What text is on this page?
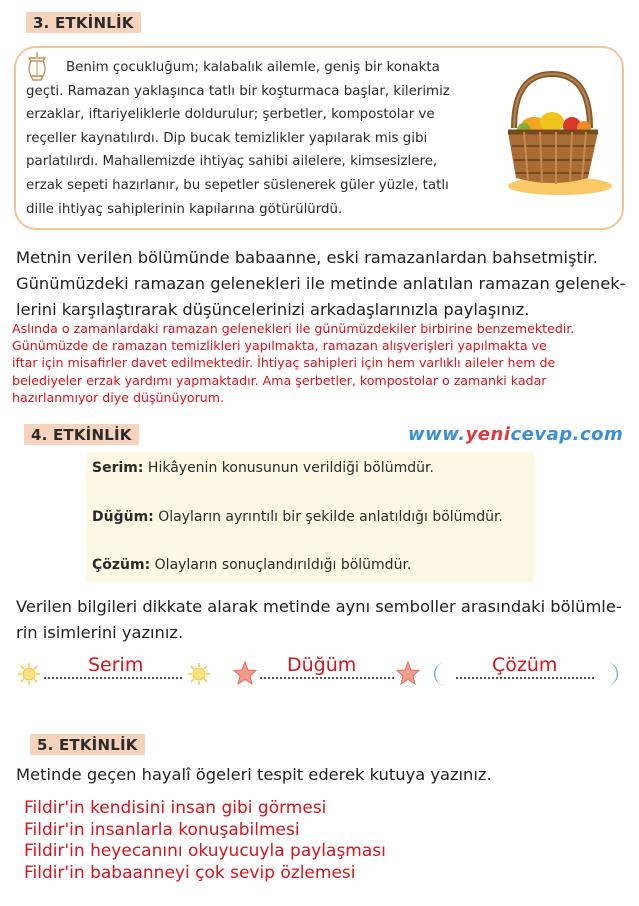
3. ETKİNLİK
Benim çocukluğum; kalabalık ailemle, geniş bir konakta
geçti. Ramazan yaklaşınca tatlı bir koşturmaca başlar, kilerimiz
erzaklar, iftariyeliklerle doldurulur; şerbetler, kompostolar ve
reçeller kaynatılırdı. Dip bucak temizlikler yapılarak mis gibi
parlatılırdı. Mahallemizde ihtiyaç sahibi ailelere, kimsesizlere,
erzak sepeti hazırlanır, bu sepetler süslenerek güler yüzle, tatlı
dille ihtiyaç sahiplerinin kapılarına götürülürdü.
Metnin verilen bölümünde babaanne, eski ramazanlardan bahsetmiştir.
Günümüzdeki ramazan gelenekleri ile metinde anlatılan ramazan gelenek-
lerini karşılaştırarak düşüncelerinizi arkadaşlarınızla paylaşınız.
Aslında o zamanlardaki ramazan gelenekleri ile günümüzdekiler birbirine benzemektedir.
Günümüzde de ramazan temizlikleri yapılmakta, ramazan alışverişleri yapılmakta ve
iftar için misafirler davet edilmektedir. İhtiyaç sahipleri için hem varlıklı aileler hem de
belediyeler erzak yardımı yapmaktadır. Ama şerbetler, kompostolar o zamanki kadar
hazırlanmıyor diye düşünüyorum.
4. ETKİNLİK	www.yenicevap.com
Serim: Hikâyenin konusunun verildiği bölümdür.
Düğüm: Olayların ayrıntılı bir şekilde anlatıldığı bölümdür.
Çözüm: Olayların sonuçlandırıldığı bölümdür.
Verilen bilgileri dikkate alarak metinde aynı semboller arasındaki bölümle-
rin isimlerini yazınız.
Serim	Düğüm	Çözüm
5. ETKİNLİK
Metinde geçen hayalî ögeleri tespit ederek kutuya yazınız.
Fildir'in kendisini insan gibi görmesi
Fildir'in insanlarla konuşabilmesi
Fildir'in heyecanını okuyucuyla paylaşması
Fildir'in babaanneyi çok sevip özlemesi
